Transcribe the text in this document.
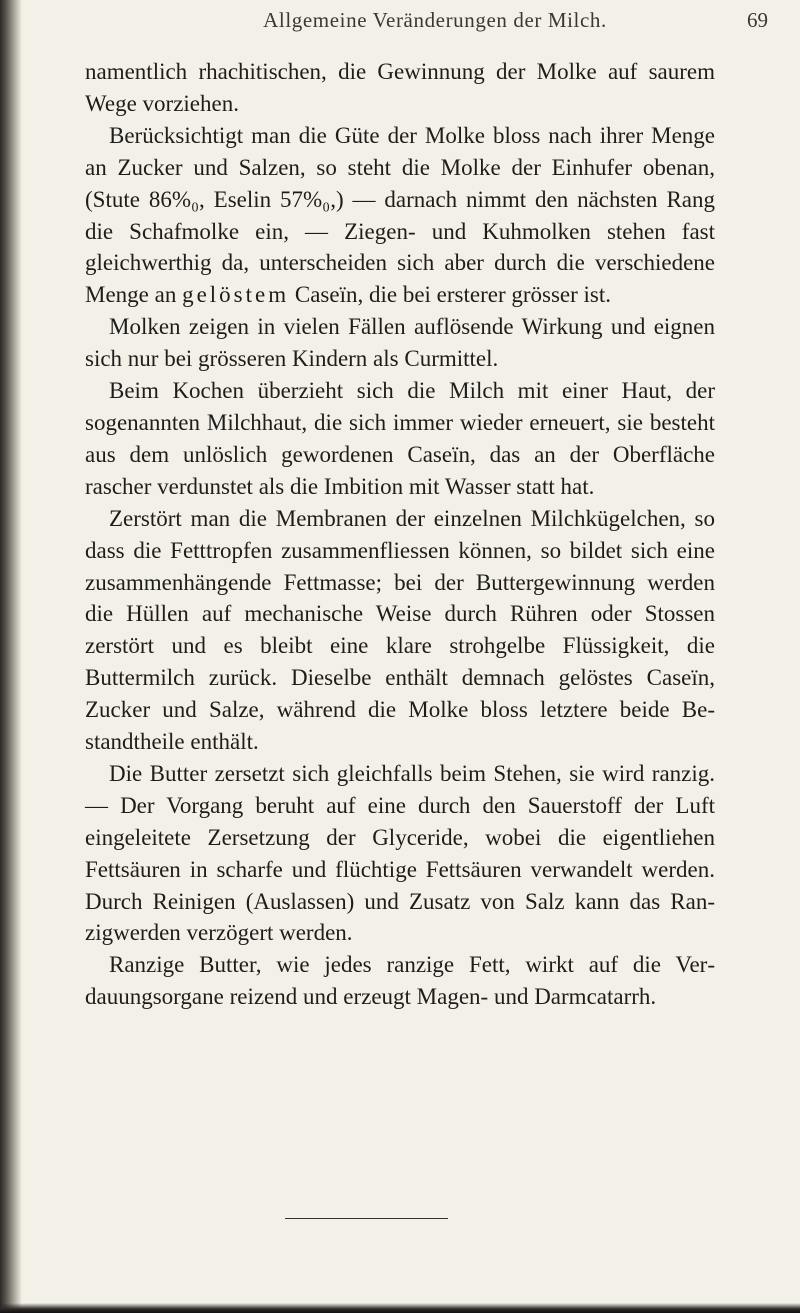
Allgemeine Veränderungen der Milch.	69

namentlich rhachitischen, die Gewinnung der Molke auf saurem Wege vorziehen.

Berücksichtigt man die Güte der Molke bloss nach ihrer Menge an Zucker und Salzen, so steht die Molke der Einhufer obenan, (Stute 86%₀, Eselin 57%₀,) — darnach nimmt den nächsten Rang die Schafmolke ein, — Ziegen- und Kuhmolken stehen fast gleichwerthig da, unterscheiden sich aber durch die verschiedene Menge an gelöstem Caseïn, die bei ersterer grösser ist.

Molken zeigen in vielen Fällen auflösende Wirkung und eignen sich nur bei grösseren Kindern als Curmittel.

Beim Kochen überzieht sich die Milch mit einer Haut, der sogenannten Milchhaut, die sich immer wieder erneuert, sie besteht aus dem unlöslich gewordenen Caseïn, das an der Oberfläche rascher verdunstet als die Imbition mit Wasser statt hat.

Zerstört man die Membranen der einzelnen Milchkügelchen, so dass die Fetttropfen zusammenfliessen können, so bildet sich eine zusammenhängende Fettmasse; bei der Buttergewinnung werden die Hüllen auf mechanische Weise durch Rühren oder Stossen zerstört und es bleibt eine klare strohgelbe Flüssigkeit, die Buttermilch zurück. Dieselbe enthält demnach gelöstes Caseïn, Zucker und Salze, während die Molke bloss letztere beide Bestandtheile enthält.

Die Butter zersetzt sich gleichfalls beim Stehen, sie wird ranzig. — Der Vorgang beruht auf eine durch den Sauerstoff der Luft eingeleitete Zersetzung der Glyceride, wobei die eigentliehen Fettsäuren in scharfe und flüchtige Fettsäuren verwandelt werden. Durch Reinigen (Auslassen) und Zusatz von Salz kann das Ranzigwerden verzögert werden.

Ranzige Butter, wie jedes ranzige Fett, wirkt auf die Verdauungsorgane reizend und erzeugt Magen- und Darmcatarrh.
